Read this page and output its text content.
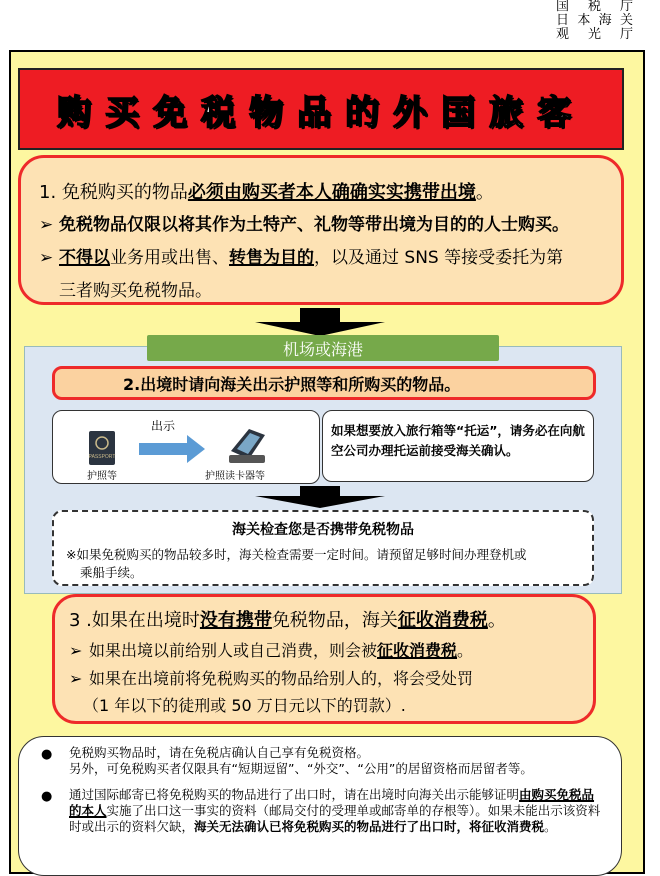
国　税　厅
日本海关
观　光　厅
购买免税物品的外国旅客
1. 免税购买的物品必须由购买者本人确确实实携带出境。
➢ 免税物品仅限以将其作为土特产、礼物等带出境为目的的人士购买。
➢ 不得以业务用或出售、转售为目的，以及通过 SNS 等接受委托为第
三者购买免税物品。
机场或海港
2.出境时请向海关出示护照等和所购买的物品。
PASSPORT
出示
护照等	护照读卡器等
如果想要放入旅行箱等“托运”，请务必在向航空公司办理托运前接受海关确认。
海关检查您是否携带免税物品
※如果免税购买的物品较多时，海关检查需要一定时间。请预留足够时间办理登机或
乘船手续。
3 .如果在出境时没有携带免税物品，海关征收消费税。
➢ 如果出境以前给别人或自己消费，则会被征收消费税。
➢ 如果在出境前将免税购买的物品给别人的，将会受处罚
（1 年以下的徒刑或 50 万日元以下的罚款）.
● 免税购买物品时，请在免税店确认自己享有免税资格。
另外，可免税购买者仅限具有“短期逗留”、“外交”、“公用”的居留资格而居留者等。
● 通过国际邮寄已将免税购买的物品进行了出口时，请在出境时向海关出示能够证明由购买免税品的本人实施了出口这一事实的资料（邮局交付的受理单或邮寄单的存根等）。如果未能出示该资料时或出示的资料欠缺，海关无法确认已将免税购买的物品进行了出口时，将征收消费税。
